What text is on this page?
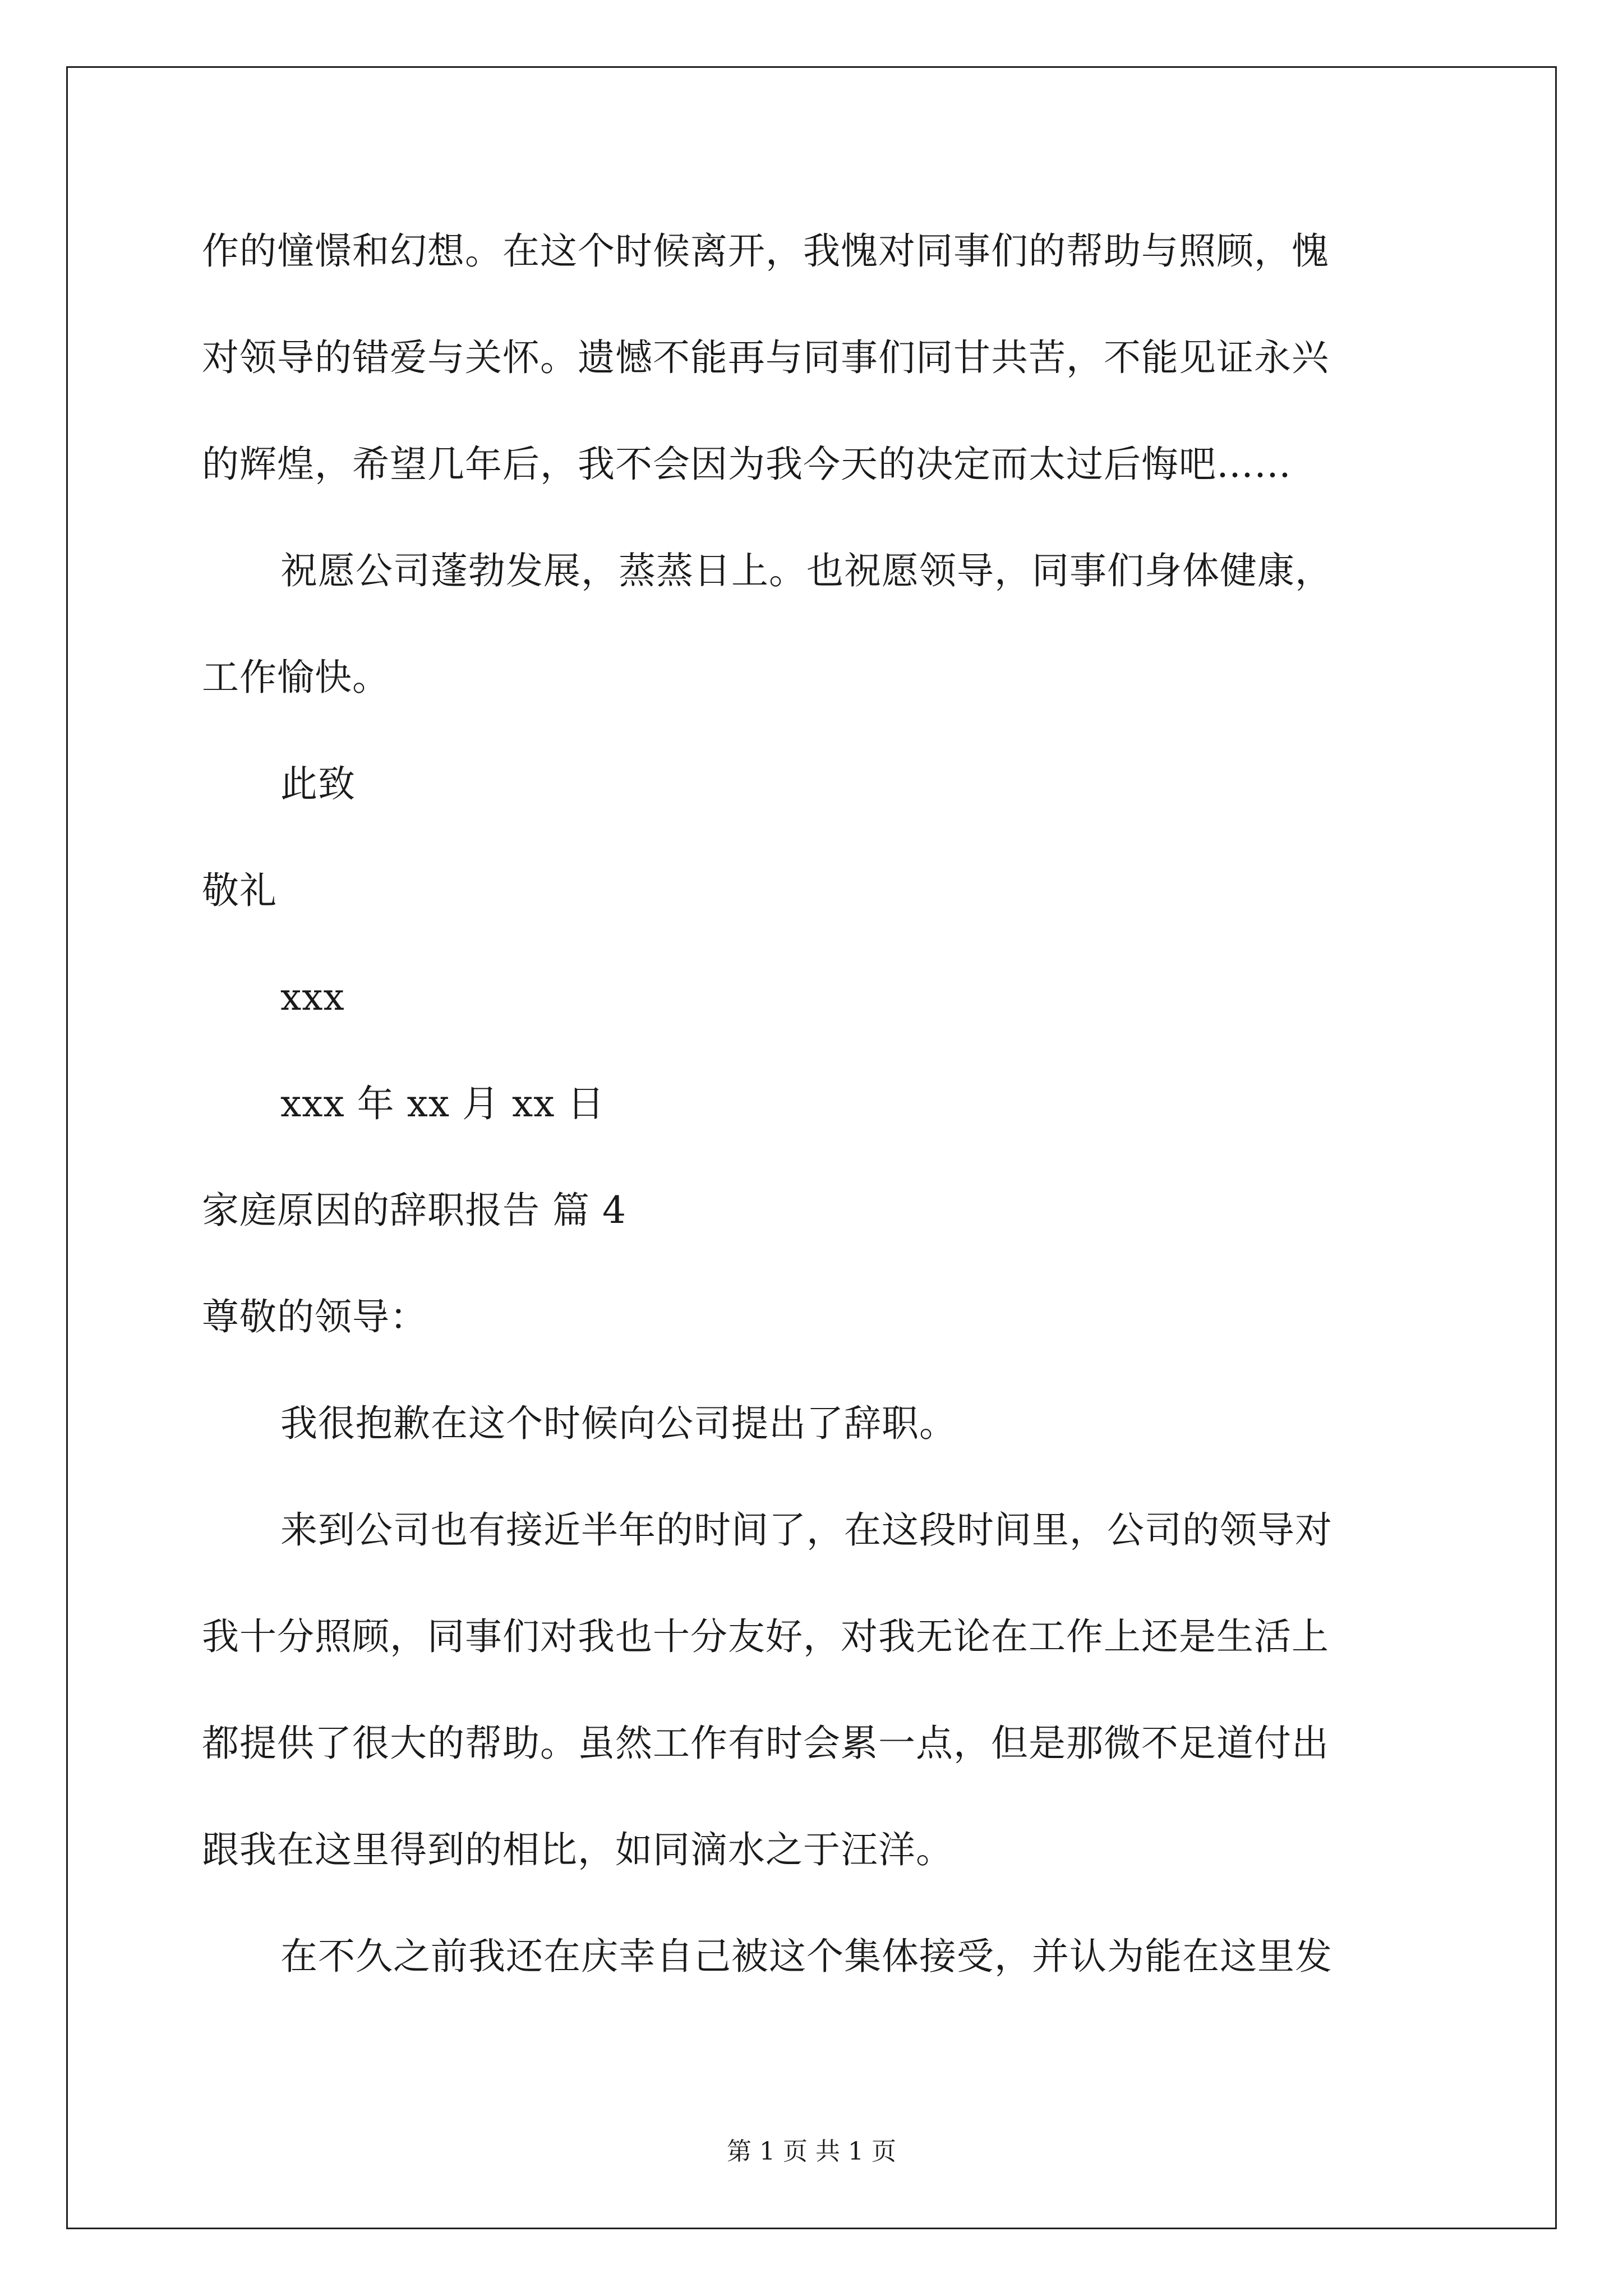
作的憧憬和幻想。在这个时候离开，我愧对同事们的帮助与照顾，愧
对领导的错爱与关怀。遗憾不能再与同事们同甘共苦，不能见证永兴
的辉煌，希望几年后，我不会因为我今天的决定而太过后悔吧……
祝愿公司蓬勃发展，蒸蒸日上。也祝愿领导，同事们身体健康，
工作愉快。
此致
敬礼
xxx
xxx 年 xx 月 xx 日
家庭原因的辞职报告 篇 4
尊敬的领导：
我很抱歉在这个时候向公司提出了辞职。
来到公司也有接近半年的时间了，在这段时间里，公司的领导对
我十分照顾，同事们对我也十分友好，对我无论在工作上还是生活上
都提供了很大的帮助。虽然工作有时会累一点，但是那微不足道付出
跟我在这里得到的相比，如同滴水之于汪洋。
在不久之前我还在庆幸自己被这个集体接受，并认为能在这里发
第 1 页 共 1 页
